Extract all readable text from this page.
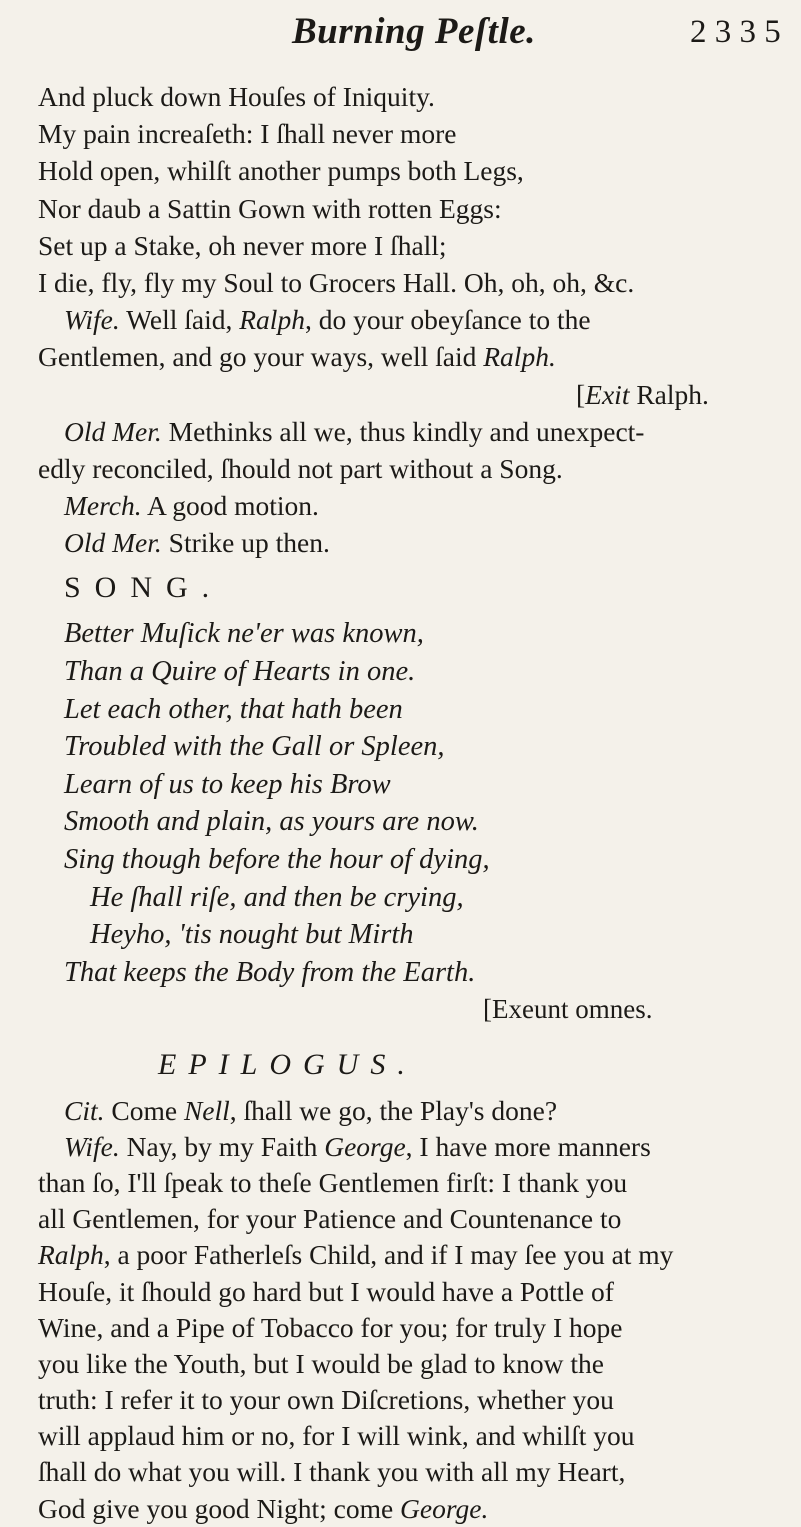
Burning Peſtle.	2 3 3 5
And pluck down Houſes of Iniquity.
My pain increaſeth: I ſhall never more
Hold open, whilſt another pumps both Legs,
Nor daub a Sattin Gown with rotten Eggs:
Set up a Stake, oh never more I ſhall;
I die, fly, fly my Soul to Grocers Hall. Oh, oh, oh, &c.
Wife. Well ſaid, Ralph, do your obeyſance to the
Gentlemen, and go your ways, well ſaid Ralph.
[Exit Ralph.
Old Mer. Methinks all we, thus kindly and unexpect-
edly reconciled, ſhould not part without a Song.
Merch. A good motion.
Old Mer. Strike up then.
SONG.
Better Muſick ne'er was known,
Than a Quire of Hearts in one.
Let each other, that hath been
Troubled with the Gall or Spleen,
Learn of us to keep his Brow
Smooth and plain, as yours are now.
Sing though before the hour of dying,
He ſhall riſe, and then be crying,
Heyho, 'tis nought but Mirth
That keeps the Body from the Earth.
[Exeunt omnes.
EPILOGUS.
Cit. Come Nell, ſhall we go, the Play's done?
Wife. Nay, by my Faith George, I have more manners
than ſo, I'll ſpeak to theſe Gentlemen firſt: I thank you
all Gentlemen, for your Patience and Countenance to
Ralph, a poor Fatherleſs Child, and if I may ſee you at my
Houſe, it ſhould go hard but I would have a Pottle of
Wine, and a Pipe of Tobacco for you; for truly I hope
you like the Youth, but I would be glad to know the
truth: I refer it to your own Diſcretions, whether you
will applaud him or no, for I will wink, and whilſt you
ſhall do what you will. I thank you with all my Heart,
God give you good Night; come George.
